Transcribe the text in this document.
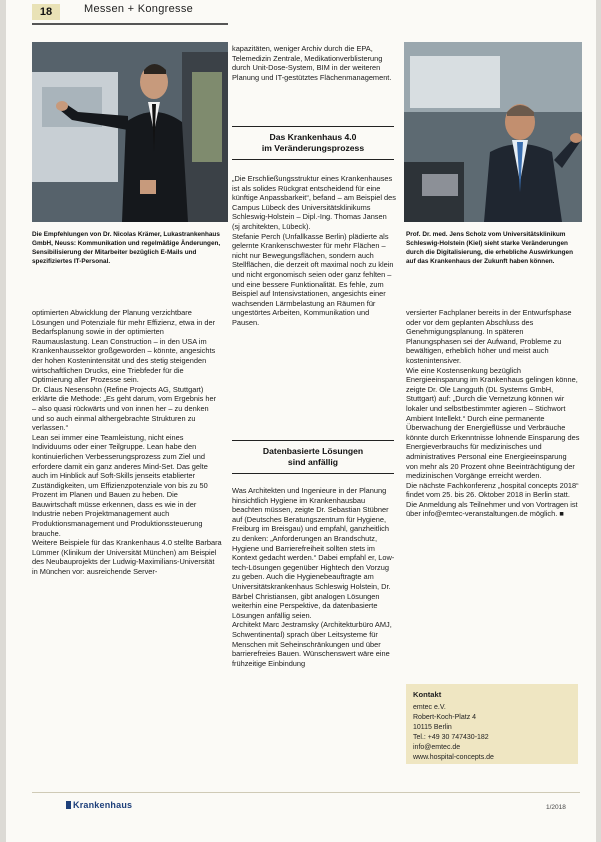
18	Messen + Kongresse
Die Empfehlungen von Dr. Nicolas Krämer, Lukastrankenhaus GmbH, Neuss: Kommunikation und regelmäßige Änderungen, Sensibilisierung der Mitarbeiter bezüglich E-Mails und spezifiziertes IT-Personal.
Prof. Dr. med. Jens Scholz vom Universitätsklinikum Schleswig-Holstein (Kiel) sieht starke Veränderungen durch die Digitalisierung, die erhebliche Auswirkungen auf das Krankenhaus der Zukunft haben können.

optimierten Abwicklung der Planung verzichtbare Lösungen und Potenziale für mehr Effizienz, etwa in der Bedarfsplanung sowie in der optimierten Raumauslastung. Lean Construction – in den USA im Krankenhaussektor großgeworden – könnte, angesichts der hohen Kostenintensität und des stetig steigenden wirtschaftlichen Drucks, eine Triebfeder für die Optimierung aller Prozesse sein.

Dr. Claus Nesensohn (Refine Projects AG, Stuttgart) erklärte die Methode: „Es geht darum, vom Ergebnis her – also quasi rückwärts und von innen her – zu denken und so auch einmal althergebrachte Strukturen zu verlassen.“

Lean sei immer eine Teamleistung, nicht eines Individuums oder einer Teilgruppe. Lean habe den kontinuierlichen Verbesserungsprozess zum Ziel und erfordere damit ein ganz anderes Mind-Set. Das gelte auch im Hinblick auf Soft-Skills jenseits etablierter Zuständigkeiten, um Effizienzpotenziale von bis zu 50 Prozent im Planen und Bauen zu heben. Die Bauwirtschaft müsse erkennen, dass es wie in der Industrie neben Projektmanagement auch Produktionsmanagement und Produktionssteuerung brauche.

Weitere Beispiele für das Krankenhaus 4.0 stellte Barbara Lümmer (Klinikum der Universität München) am Beispiel des Neubauprojekts der Ludwig-Maximilians-Universität in München vor: ausreichende Server-

kapazitäten, weniger Archiv durch die EPA, Telemedizin Zentrale, Medikationverblisterung durch Unit-Dose-System, BIM in der weiteren Planung und IT-gestütztes Flächenmanagement.
Das Krankenhaus 4.0
im Veränderungsprozess

„Die Erschließungsstruktur eines Krankenhauses ist als solides Rückgrat entscheidend für eine künftige Anpassbarkeit“, befand – am Beispiel des Campus Lübeck des Universitätsklinikums Schleswig-Holstein – Dipl.-Ing. Thomas Jansen (sj architekten, Lübeck).

Stefanie Perch (Unfallkasse Berlin) plädierte als gelernte Krankenschwester für mehr Flächen – nicht nur Bewegungsflächen, sondern auch Stellflächen, die derzeit oft maximal noch zu klein und nicht ergonomisch seien oder ganz fehlten – und eine bessere Funktionalität. Es fehle, zum Beispiel auf Intensivstationen, angesichts einer wachsenden Lärmbelastung an Räumen für ungestörtes Arbeiten, Kommunikation und Pausen.

Datenbasierte Lösungen
sind anfällig

Was Architekten und Ingenieure in der Planung hinsichtlich Hygiene im Krankenhausbau beachten müssen, zeigte Dr. Sebastian Stübner auf (Deutsches Beratungszentrum für Hygiene, Freiburg im Breisgau) und empfahl, ganzheitlich zu denken: „Anforderungen an Brandschutz, Hygiene und Barrierefreiheit sollten stets im Kontext gedacht werden.“ Dabei empfahl er, Low-tech-Lösungen gegenüber Hightech den Vorzug zu geben. Auch die Hygienebeauftragte am Universitätskrankenhaus Schleswig Holstein, Dr. Bärbel Christiansen, gibt analogen Lösungen weiterhin eine Perspektive, da datenbasierte Lösungen anfällig seien.

Architekt Marc Jestramsky (Architekturbüro AMJ, Schwentinental) sprach über Leitsysteme für Menschen mit Seheinschränkungen und über barrierefreies Bauen. Wünschenswert wäre eine frühzeitige Einbindung

versierter Fachplaner bereits in der Entwurfsphase oder vor dem geplanten Abschluss des Genehmigungsplanung. In späteren Planungsphasen sei der Aufwand, Probleme zu bewältigen, erheblich höher und meist auch kostenintensiver.

Wie eine Kostensenkung bezüglich Energieeinsparung im Krankenhaus gelingen könne, zeigte Dr. Ole Langguth (DL Systems GmbH, Stuttgart) auf: „Durch die Vernetzung können wir lokaler und selbstbestimmter agieren – Stichwort Ambient Intellekt.“ Durch eine permanente Überwachung der Energieflüsse und Verbräuche könnte durch Erkenntnisse lohnende Einsparung des Energieverbrauchs für medizinisches und administratives Personal eine Energieeinsparung von mehr als 20 Prozent ohne Beeinträchtigung der medizinischen Vorgänge erreicht werden.

Die nächste Fachkonferenz „hospital concepts 2018“ findet vom 25. bis 26. Oktober 2018 in Berlin statt. Die Anmeldung als Teilnehmer und von Vortragen ist über info@emtec-veranstaltungen.de möglich. ■

Kontakt
emtec e.V.
Robert-Koch-Platz 4
10115 Berlin
Tel.: +49 30 747430-182
info@emtec.de
www.hospital-concepts.de
Krankenhaus	1/2018
